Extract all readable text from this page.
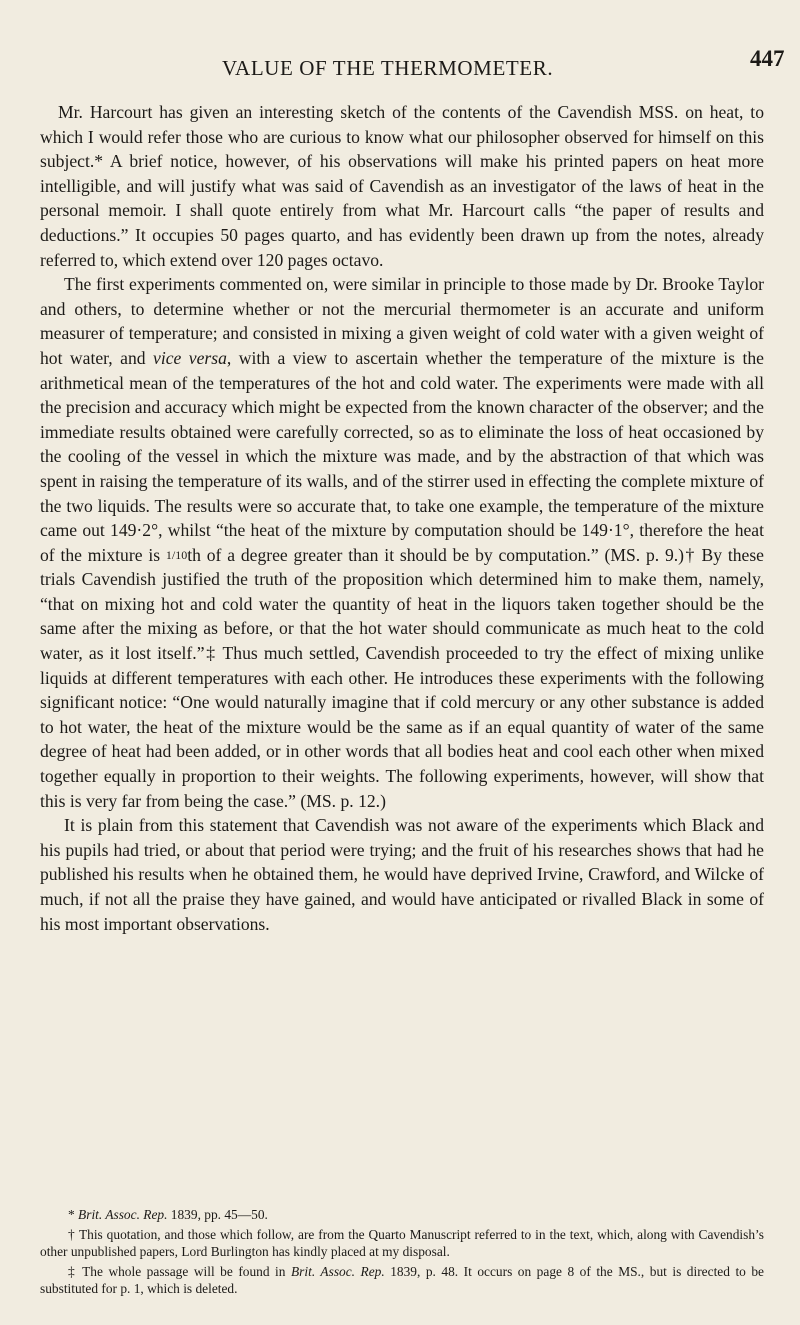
VALUE OF THE THERMOMETER.	447

Mr. Harcourt has given an interesting sketch of the contents of the Cavendish MSS. on heat, to which I would refer those who are curious to know what our philosopher observed for himself on this subject.* A brief notice, however, of his observations will make his printed papers on heat more intelligible, and will justify what was said of Cavendish as an investigator of the laws of heat in the personal memoir. I shall quote entirely from what Mr. Harcourt calls “the paper of results and deductions.” It occupies 50 pages quarto, and has evidently been drawn up from the notes, already referred to, which extend over 120 pages octavo.

The first experiments commented on, were similar in principle to those made by Dr. Brooke Taylor and others, to determine whether or not the mercurial thermometer is an accurate and uniform measurer of temperature; and consisted in mixing a given weight of cold water with a given weight of hot water, and vice versa, with a view to ascertain whether the temperature of the mixture is the arithmetical mean of the temperatures of the hot and cold water. The experiments were made with all the precision and accuracy which might be expected from the known character of the observer; and the immediate results obtained were carefully corrected, so as to eliminate the loss of heat occasioned by the cooling of the vessel in which the mixture was made, and by the abstraction of that which was spent in raising the temperature of its walls, and of the stirrer used in effecting the complete mixture of the two liquids. The results were so accurate that, to take one example, the temperature of the mixture came out 149·2°, whilst “the heat of the mixture by computation should be 149·1°, therefore the heat of the mixture is 1/10th of a degree greater than it should be by computation.” (MS. p. 9.)† By these trials Cavendish justified the truth of the proposition which determined him to make them, namely, “that on mixing hot and cold water the quantity of heat in the liquors taken together should be the same after the mixing as before, or that the hot water should communicate as much heat to the cold water, as it lost itself.”‡ Thus much settled, Cavendish proceeded to try the effect of mixing unlike liquids at different temperatures with each other. He introduces these experiments with the following significant notice: “One would naturally imagine that if cold mercury or any other substance is added to hot water, the heat of the mixture would be the same as if an equal quantity of water of the same degree of heat had been added, or in other words that all bodies heat and cool each other when mixed together equally in proportion to their weights. The following experiments, however, will show that this is very far from being the case.” (MS. p. 12.)

It is plain from this statement that Cavendish was not aware of the experiments which Black and his pupils had tried, or about that period were trying; and the fruit of his researches shows that had he published his results when he obtained them, he would have deprived Irvine, Crawford, and Wilcke of much, if not all the praise they have gained, and would have anticipated or rivalled Black in some of his most important observations.

* Brit. Assoc. Rep. 1839, pp. 45—50.

† This quotation, and those which follow, are from the Quarto Manuscript referred to in the text, which, along with Cavendish’s other unpublished papers, Lord Burlington has kindly placed at my disposal.

‡ The whole passage will be found in Brit. Assoc. Rep. 1839, p. 48. It occurs on page 8 of the MS., but is directed to be substituted for p. 1, which is deleted.
